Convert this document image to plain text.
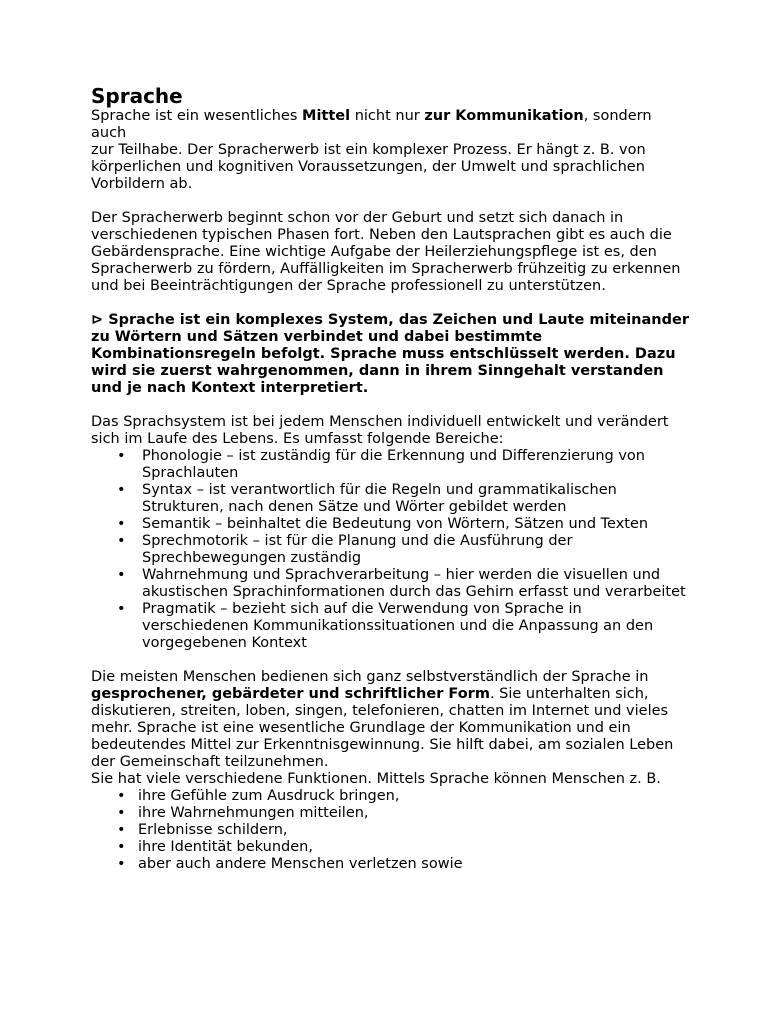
Sprache

Sprache ist ein wesentliches Mittel nicht nur zur Kommunikation, sondern auch
zur Teilhabe. Der Spracherwerb ist ein komplexer Prozess. Er hängt z. B. von körperlichen und kognitiven Voraussetzungen, der Umwelt und sprachlichen Vorbildern ab.

Der Spracherwerb beginnt schon vor der Geburt und setzt sich danach in verschiedenen typischen Phasen fort. Neben den Lautsprachen gibt es auch die Gebärdensprache. Eine wichtige Aufgabe der Heilerziehungspflege ist es, den Spracherwerb zu fördern, Auffälligkeiten im Spracherwerb frühzeitig zu erkennen und bei Beeinträchtigungen der Sprache professionell zu unterstützen.

⊳ Sprache ist ein komplexes System, das Zeichen und Laute miteinander zu Wörtern und Sätzen verbindet und dabei bestimmte Kombinationsregeln befolgt. Sprache muss entschlüsselt werden. Dazu wird sie zuerst wahrgenommen, dann in ihrem Sinngehalt verstanden und je nach Kontext interpretiert.

Das Sprachsystem ist bei jedem Menschen individuell entwickelt und verändert sich im Laufe des Lebens. Es umfasst folgende Bereiche:

• Phonologie – ist zuständig für die Erkennung und Differenzierung von Sprachlauten
• Syntax – ist verantwortlich für die Regeln und grammatikalischen Strukturen, nach denen Sätze und Wörter gebildet werden
• Semantik – beinhaltet die Bedeutung von Wörtern, Sätzen und Texten
• Sprechmotorik – ist für die Planung und die Ausführung der Sprechbewegungen zuständig
• Wahrnehmung und Sprachverarbeitung – hier werden die visuellen und akustischen Sprachinformationen durch das Gehirn erfasst und verarbeitet
• Pragmatik – bezieht sich auf die Verwendung von Sprache in verschiedenen Kommunikationssituationen und die Anpassung an den vorgegebenen Kontext

Die meisten Menschen bedienen sich ganz selbstverständlich der Sprache in gesprochener, gebärdeter und schriftlicher Form. Sie unterhalten sich, diskutieren, streiten, loben, singen, telefonieren, chatten im Internet und vieles mehr. Sprache ist eine wesentliche Grundlage der Kommunikation und ein bedeutendes Mittel zur Erkenntnisgewinnung. Sie hilft dabei, am sozialen Leben der Gemeinschaft teilzunehmen.
Sie hat viele verschiedene Funktionen. Mittels Sprache können Menschen z. B.

• ihre Gefühle zum Ausdruck bringen,
• ihre Wahrnehmungen mitteilen,
• Erlebnisse schildern,
• ihre Identität bekunden,
• aber auch andere Menschen verletzen sowie
